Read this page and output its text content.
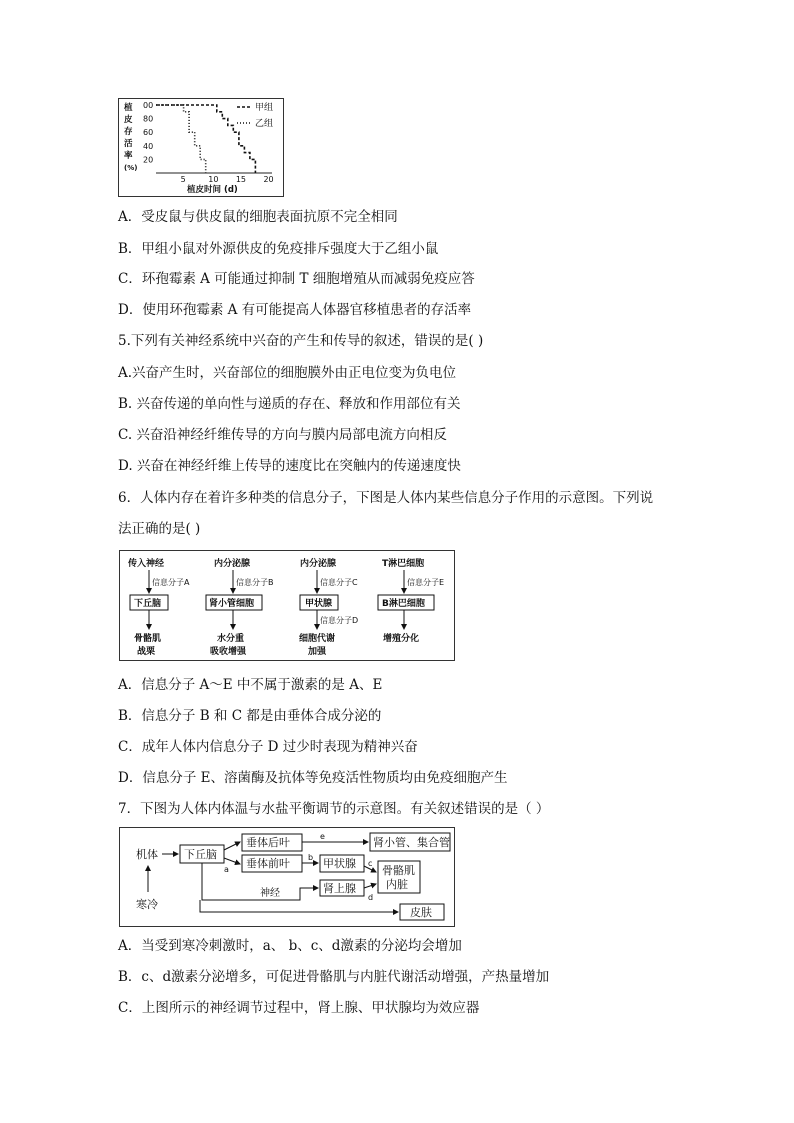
植
皮
存
活
率
(%)
00
80
60
40
20
5	10 15 20
甲组
乙组
植皮时间 (d)
A．受皮鼠与供皮鼠的细胞表面抗原不完全相同
B．甲组小鼠对外源供皮的免疫排斥强度大于乙组小鼠
C．环孢霉素 A 可能通过抑制 T 细胞增殖从而减弱免疫应答
D．使用环孢霉素 A 有可能提高人体器官移植患者的存活率
5.下列有关神经系统中兴奋的产生和传导的叙述，错误的是( )
A.兴奋产生时，兴奋部位的细胞膜外由正电位变为负电位
B. 兴奋传递的单向性与递质的存在、释放和作用部位有关
C. 兴奋沿神经纤维传导的方向与膜内局部电流方向相反
D. 兴奋在神经纤维上传导的速度比在突触内的传递速度快
6．人体内存在着许多种类的信息分子，下图是人体内某些信息分子作用的示意图。下列说
法正确的是( )
传入神经
信息分子A
下丘脑
骨骼肌
战栗
内分泌腺
信息分子B
肾小管细胞
水分重
吸收增强
内分泌腺
信息分子C
甲状腺
信息分子D
细胞代谢
加强
T淋巴细胞
信息分子E
B淋巴细胞
增殖分化
A．信息分子 A～E 中不属于激素的是 A、E
B．信息分子 B 和 C 都是由垂体合成分泌的
C．成年人体内信息分子 D 过少时表现为精神兴奋
D．信息分子 E、溶菌酶及抗体等免疫活性物质均由免疫细胞产生
7．下图为人体内体温与水盐平衡调节的示意图。有关叙述错误的是（ ）
机体
寒冷
下丘脑
a
垂体后叶
垂体前叶
e	肾小管、集合管
b 甲状腺 c
肾上腺
d
骨骼肌
内脏
神经
皮肤
A．当受到寒冷刺激时，a、 b、c、d激素的分泌均会增加
B．c、d激素分泌增多，可促进骨骼肌与内脏代谢活动增强，产热量增加
C．上图所示的神经调节过程中，肾上腺、甲状腺均为效应器
